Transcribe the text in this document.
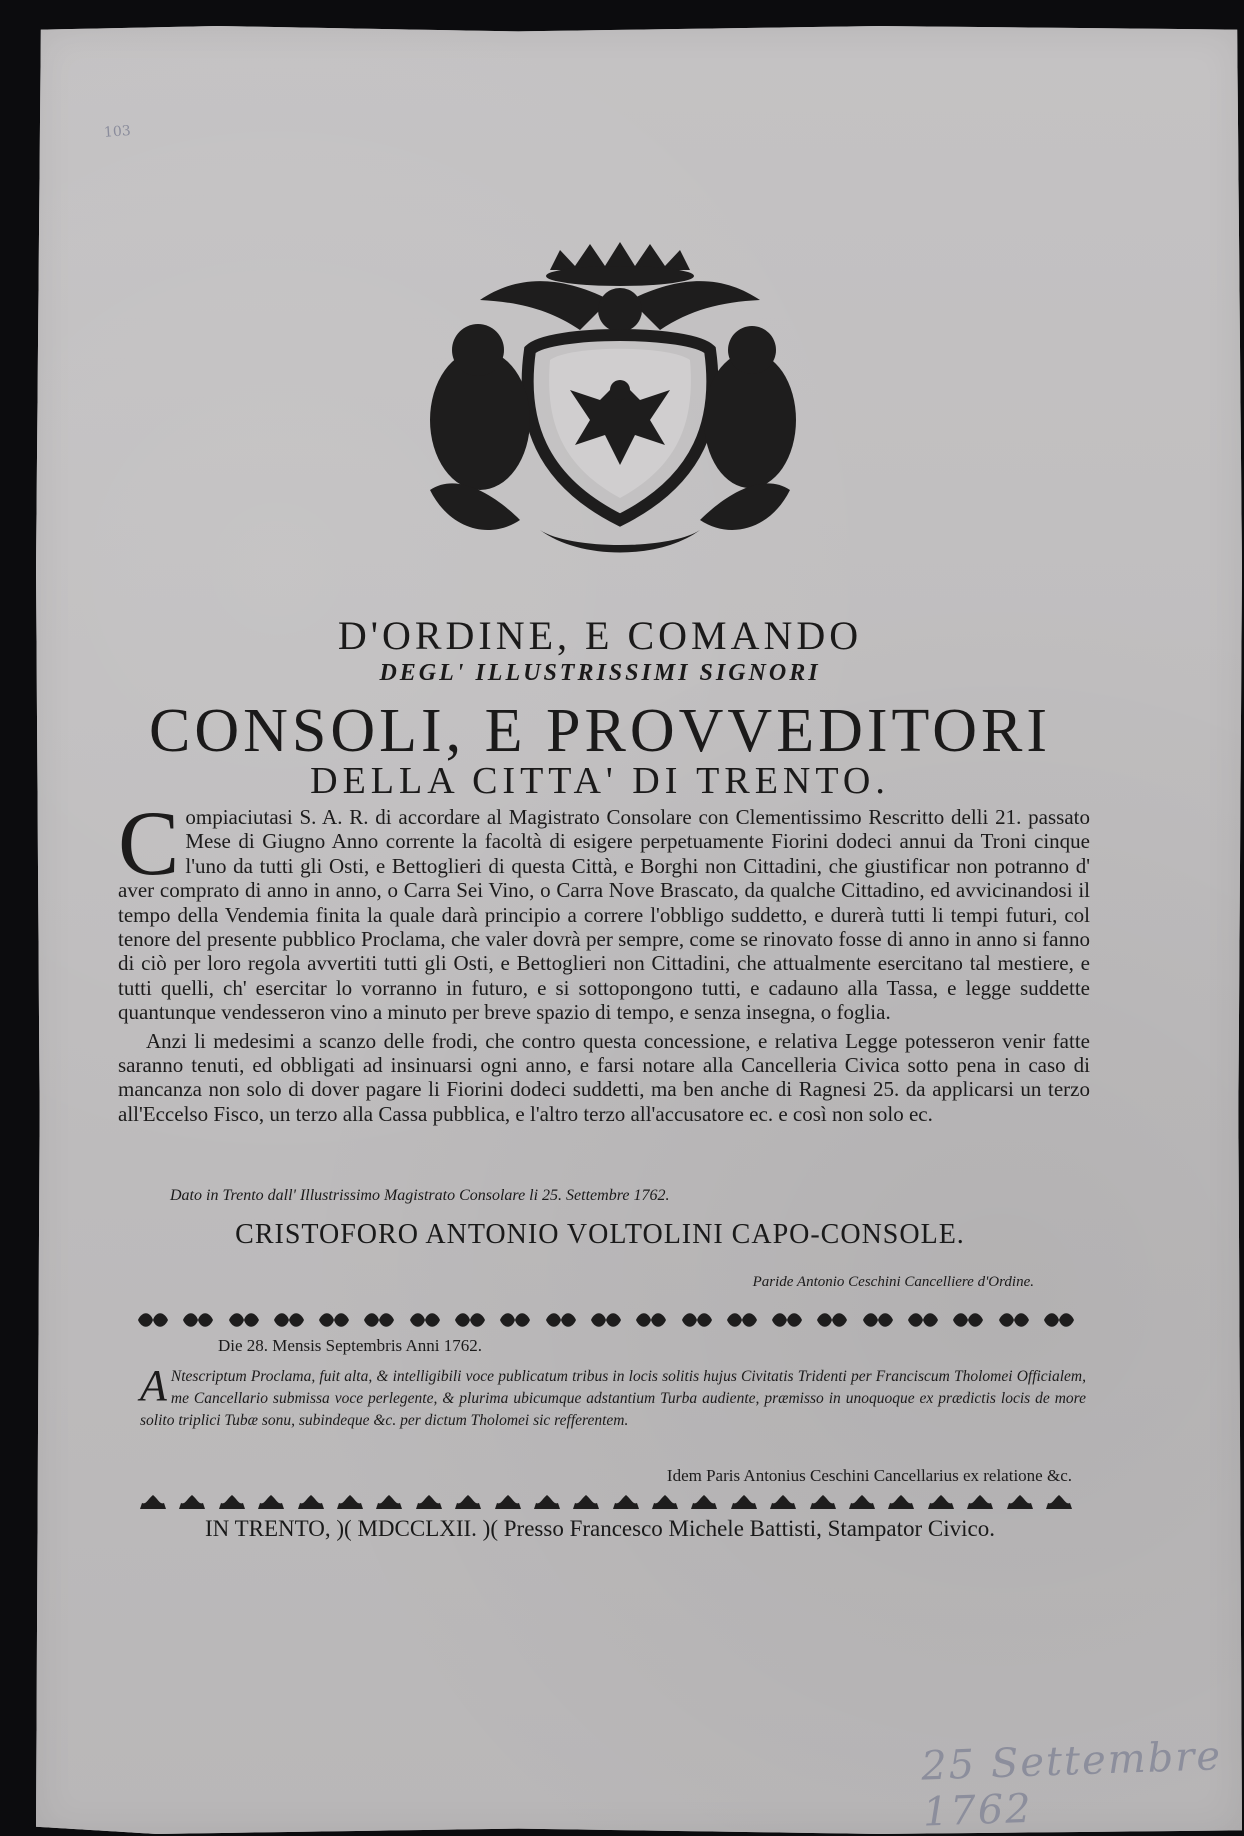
103
D'ORDINE, E COMANDO
DEGL' ILLUSTRISSIMI SIGNORI
CONSOLI, E PROVVEDITORI
DELLA CITTA' DI TRENTO.

Compiaciutasi S. A. R. di accordare al Magistrato Consolare con Clementissimo Rescritto delli 21. passato Mese di Giugno Anno corrente la facoltà di esigere perpetuamente Fiorini dodeci annui da Troni cinque l'uno da tutti gli Osti, e Bettoglieri di questa Città, e Borghi non Cittadini, che giustificar non potranno d' aver comprato di anno in anno, o Carra Sei Vino, o Carra Nove Brascato, da qualche Cittadino, ed avvicinandosi il tempo della Vendemia finita la quale darà principio a correre l'obbligo suddetto, e durerà tutti li tempi futuri, col tenore del presente pubblico Proclama, che valer dovrà per sempre, come se rinovato fosse di anno in anno si fanno di ciò per loro regola avvertiti tutti gli Osti, e Bettoglieri non Cittadini, che attualmente esercitano tal mestiere, e tutti quelli, ch' esercitar lo vorranno in futuro, e si sottopongono tutti, e cadauno alla Tassa, e legge suddette quantunque vendesseron vino a minuto per breve spazio di tempo, e senza insegna, o foglia.

Anzi li medesimi a scanzo delle frodi, che contro questa concessione, e relativa Legge potesseron venir fatte saranno tenuti, ed obbligati ad insinuarsi ogni anno, e farsi notare alla Cancelleria Civica sotto pena in caso di mancanza non solo di dover pagare li Fiorini dodeci suddetti, ma ben anche di Ragnesi 25. da applicarsi un terzo all'Eccelso Fisco, un terzo alla Cassa pubblica, e l'altro terzo all'accusatore ec. e così non solo ec.

Dato in Trento dall' Illustrissimo Magistrato Consolare li 25. Settembre 1762.
CRISTOFORO ANTONIO VOLTOLINI CAPO-CONSOLE.
Paride Antonio Ceschini Cancelliere d'Ordine.
Die 28. Mensis Septembris Anni 1762.
A Ntescriptum Proclama, fuit alta, & intelligibili voce publicatum tribus in locis solitis hujus Civitatis Tridenti per Franciscum Tholomei Officialem, me Cancellario submissa voce perlegente, & plurima ubicumque adstantium Turba audiente, præmisso in unoquoque ex prædictis locis de more solito triplici Tubæ sonu, subindeque &c. per dictum Tholomei sic refferentem.
Idem Paris Antonius Ceschini Cancellarius ex relatione &c.
IN TRENTO, )( MDCCLXII. )( Presso Francesco Michele Battisti, Stampator Civico.
25 Settembre 1762
